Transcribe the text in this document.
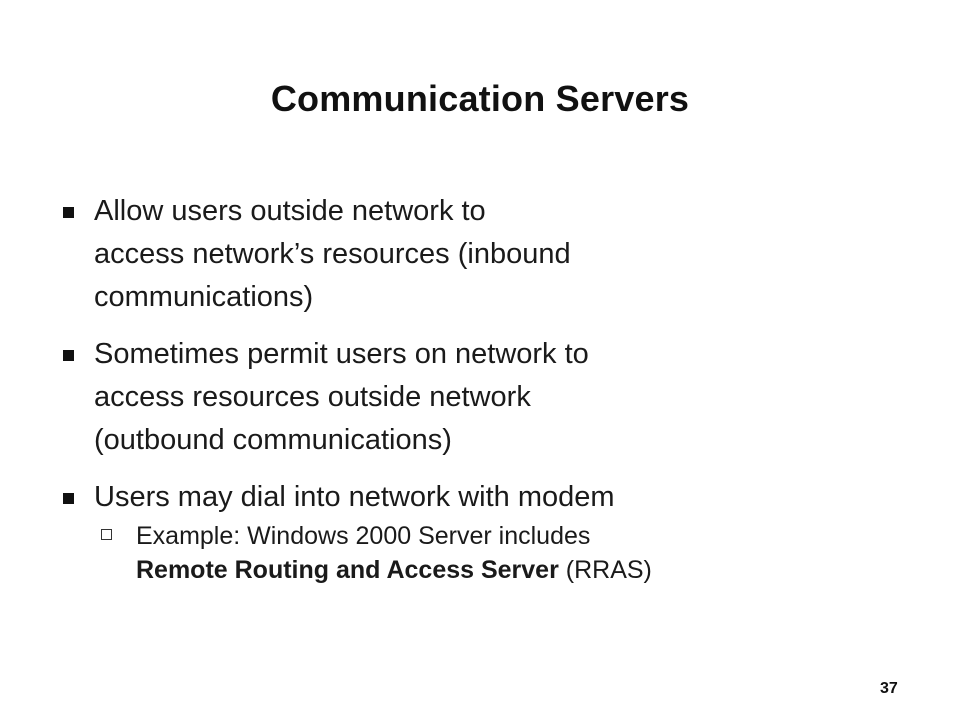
Communication Servers
Allow users outside network to
access network’s resources (inbound
communications)
Sometimes permit users on network to
access resources outside network
(outbound communications)
Users may dial into network with modem
Example: Windows 2000 Server includes
Remote Routing and Access Server (RRAS)
37
